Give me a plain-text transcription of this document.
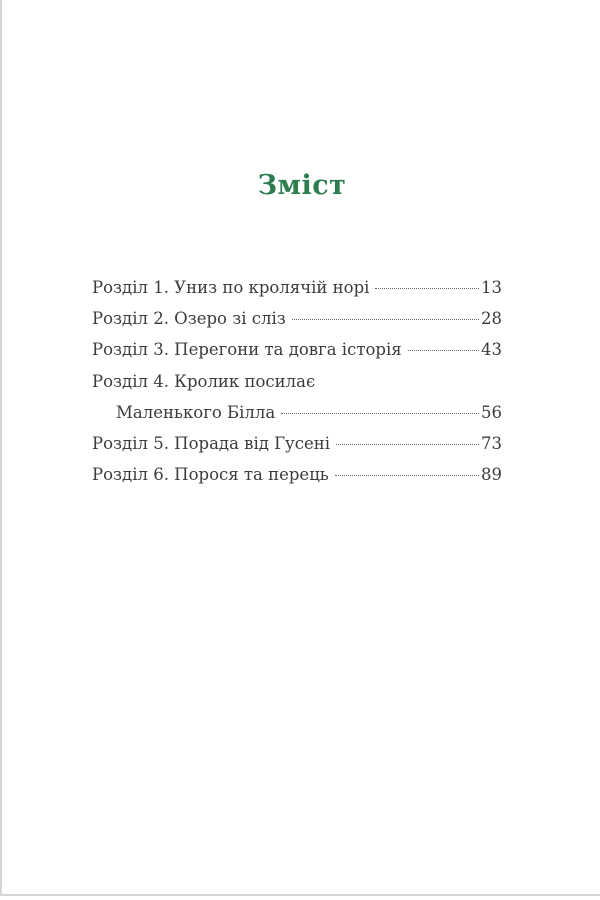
Зміст
Розділ 1. Униз по кролячій норі	13
Розділ 2. Озеро зі сліз	28
Розділ 3. Перегони та довга історія	43
Розділ 4. Кролик посилає
Маленького Білла	56
Розділ 5. Порада від Гусені	73
Розділ 6. Порося та перець	89
